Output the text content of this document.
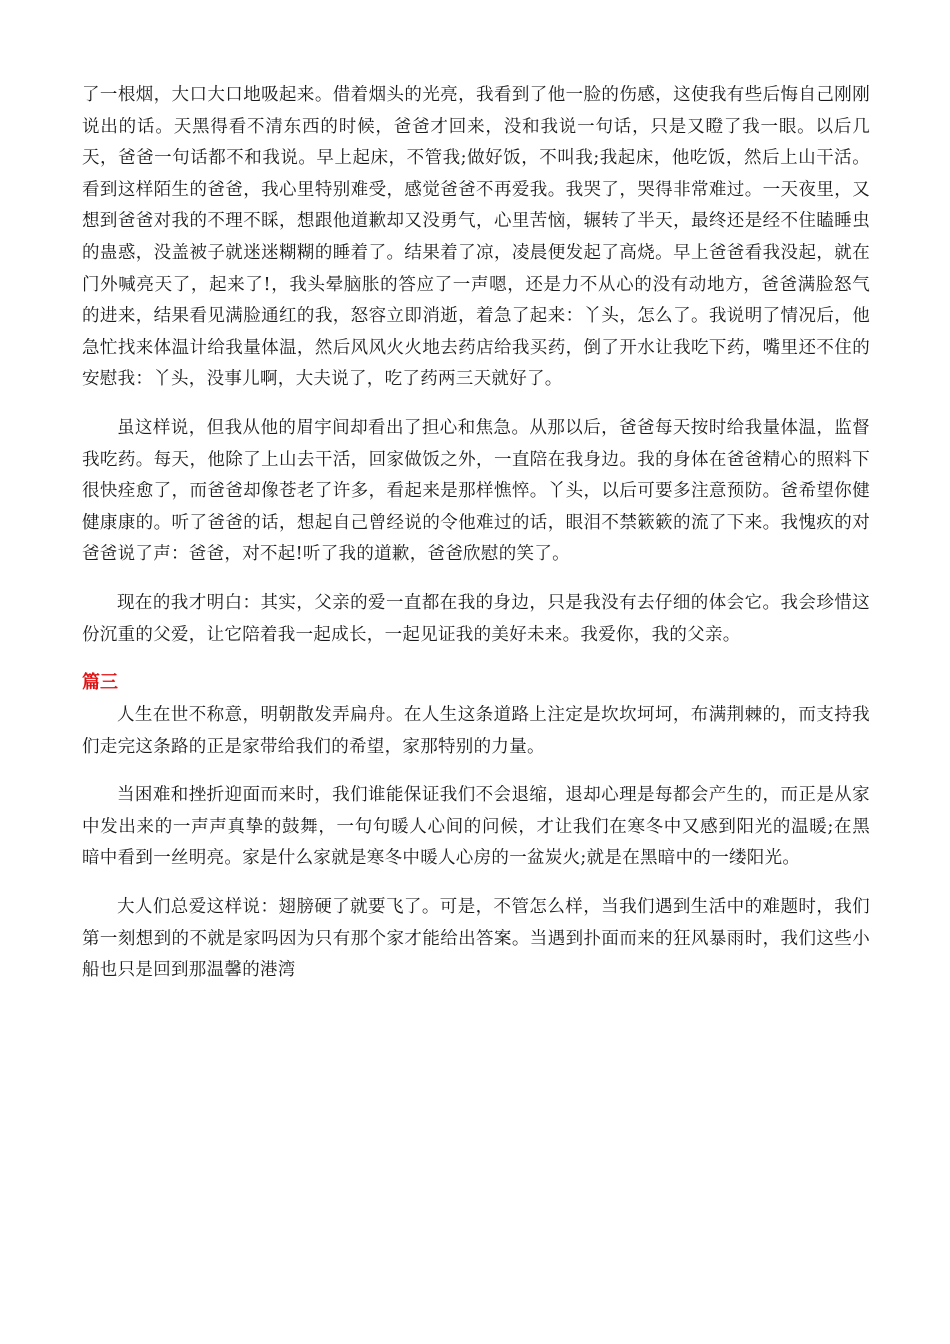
了一根烟，大口大口地吸起来。借着烟头的光亮，我看到了他一脸的伤感，这使我有些后悔自己刚刚说出的话。天黑得看不清东西的时候，爸爸才回来，没和我说一句话，只是又瞪了我一眼。以后几天，爸爸一句话都不和我说。早上起床，不管我;做好饭，不叫我;我起床，他吃饭，然后上山干活。看到这样陌生的爸爸，我心里特别难受，感觉爸爸不再爱我。我哭了，哭得非常难过。一天夜里，又想到爸爸对我的不理不睬，想跟他道歉却又没勇气，心里苦恼，辗转了半天，最终还是经不住瞌睡虫的蛊惑，没盖被子就迷迷糊糊的睡着了。结果着了凉，凌晨便发起了高烧。早上爸爸看我没起，就在门外喊亮天了，起来了!，我头晕脑胀的答应了一声嗯，还是力不从心的没有动地方，爸爸满脸怒气的进来，结果看见满脸通红的我，怒容立即消逝，着急了起来：丫头，怎么了。我说明了情况后，他急忙找来体温计给我量体温，然后风风火火地去药店给我买药，倒了开水让我吃下药，嘴里还不住的安慰我：丫头，没事儿啊，大夫说了，吃了药两三天就好了。

虽这样说，但我从他的眉宇间却看出了担心和焦急。从那以后，爸爸每天按时给我量体温，监督我吃药。每天，他除了上山去干活，回家做饭之外，一直陪在我身边。我的身体在爸爸精心的照料下很快痊愈了，而爸爸却像苍老了许多，看起来是那样憔悴。丫头，以后可要多注意预防。爸希望你健健康康的。听了爸爸的话，想起自己曾经说的令他难过的话，眼泪不禁簌簌的流了下来。我愧疚的对爸爸说了声：爸爸，对不起!听了我的道歉，爸爸欣慰的笑了。

现在的我才明白：其实，父亲的爱一直都在我的身边，只是我没有去仔细的体会它。我会珍惜这份沉重的父爱，让它陪着我一起成长，一起见证我的美好未来。我爱你，我的父亲。

篇三

人生在世不称意，明朝散发弄扁舟。在人生这条道路上注定是坎坎坷坷，布满荆棘的，而支持我们走完这条路的正是家带给我们的希望，家那特别的力量。

当困难和挫折迎面而来时，我们谁能保证我们不会退缩，退却心理是每都会产生的，而正是从家中发出来的一声声真挚的鼓舞，一句句暖人心间的问候，才让我们在寒冬中又感到阳光的温暖;在黑暗中看到一丝明亮。家是什么家就是寒冬中暖人心房的一盆炭火;就是在黑暗中的一缕阳光。

大人们总爱这样说：翅膀硬了就要飞了。可是，不管怎么样，当我们遇到生活中的难题时，我们第一刻想到的不就是家吗因为只有那个家才能给出答案。当遇到扑面而来的狂风暴雨时，我们这些小船也只是回到那温馨的港湾
